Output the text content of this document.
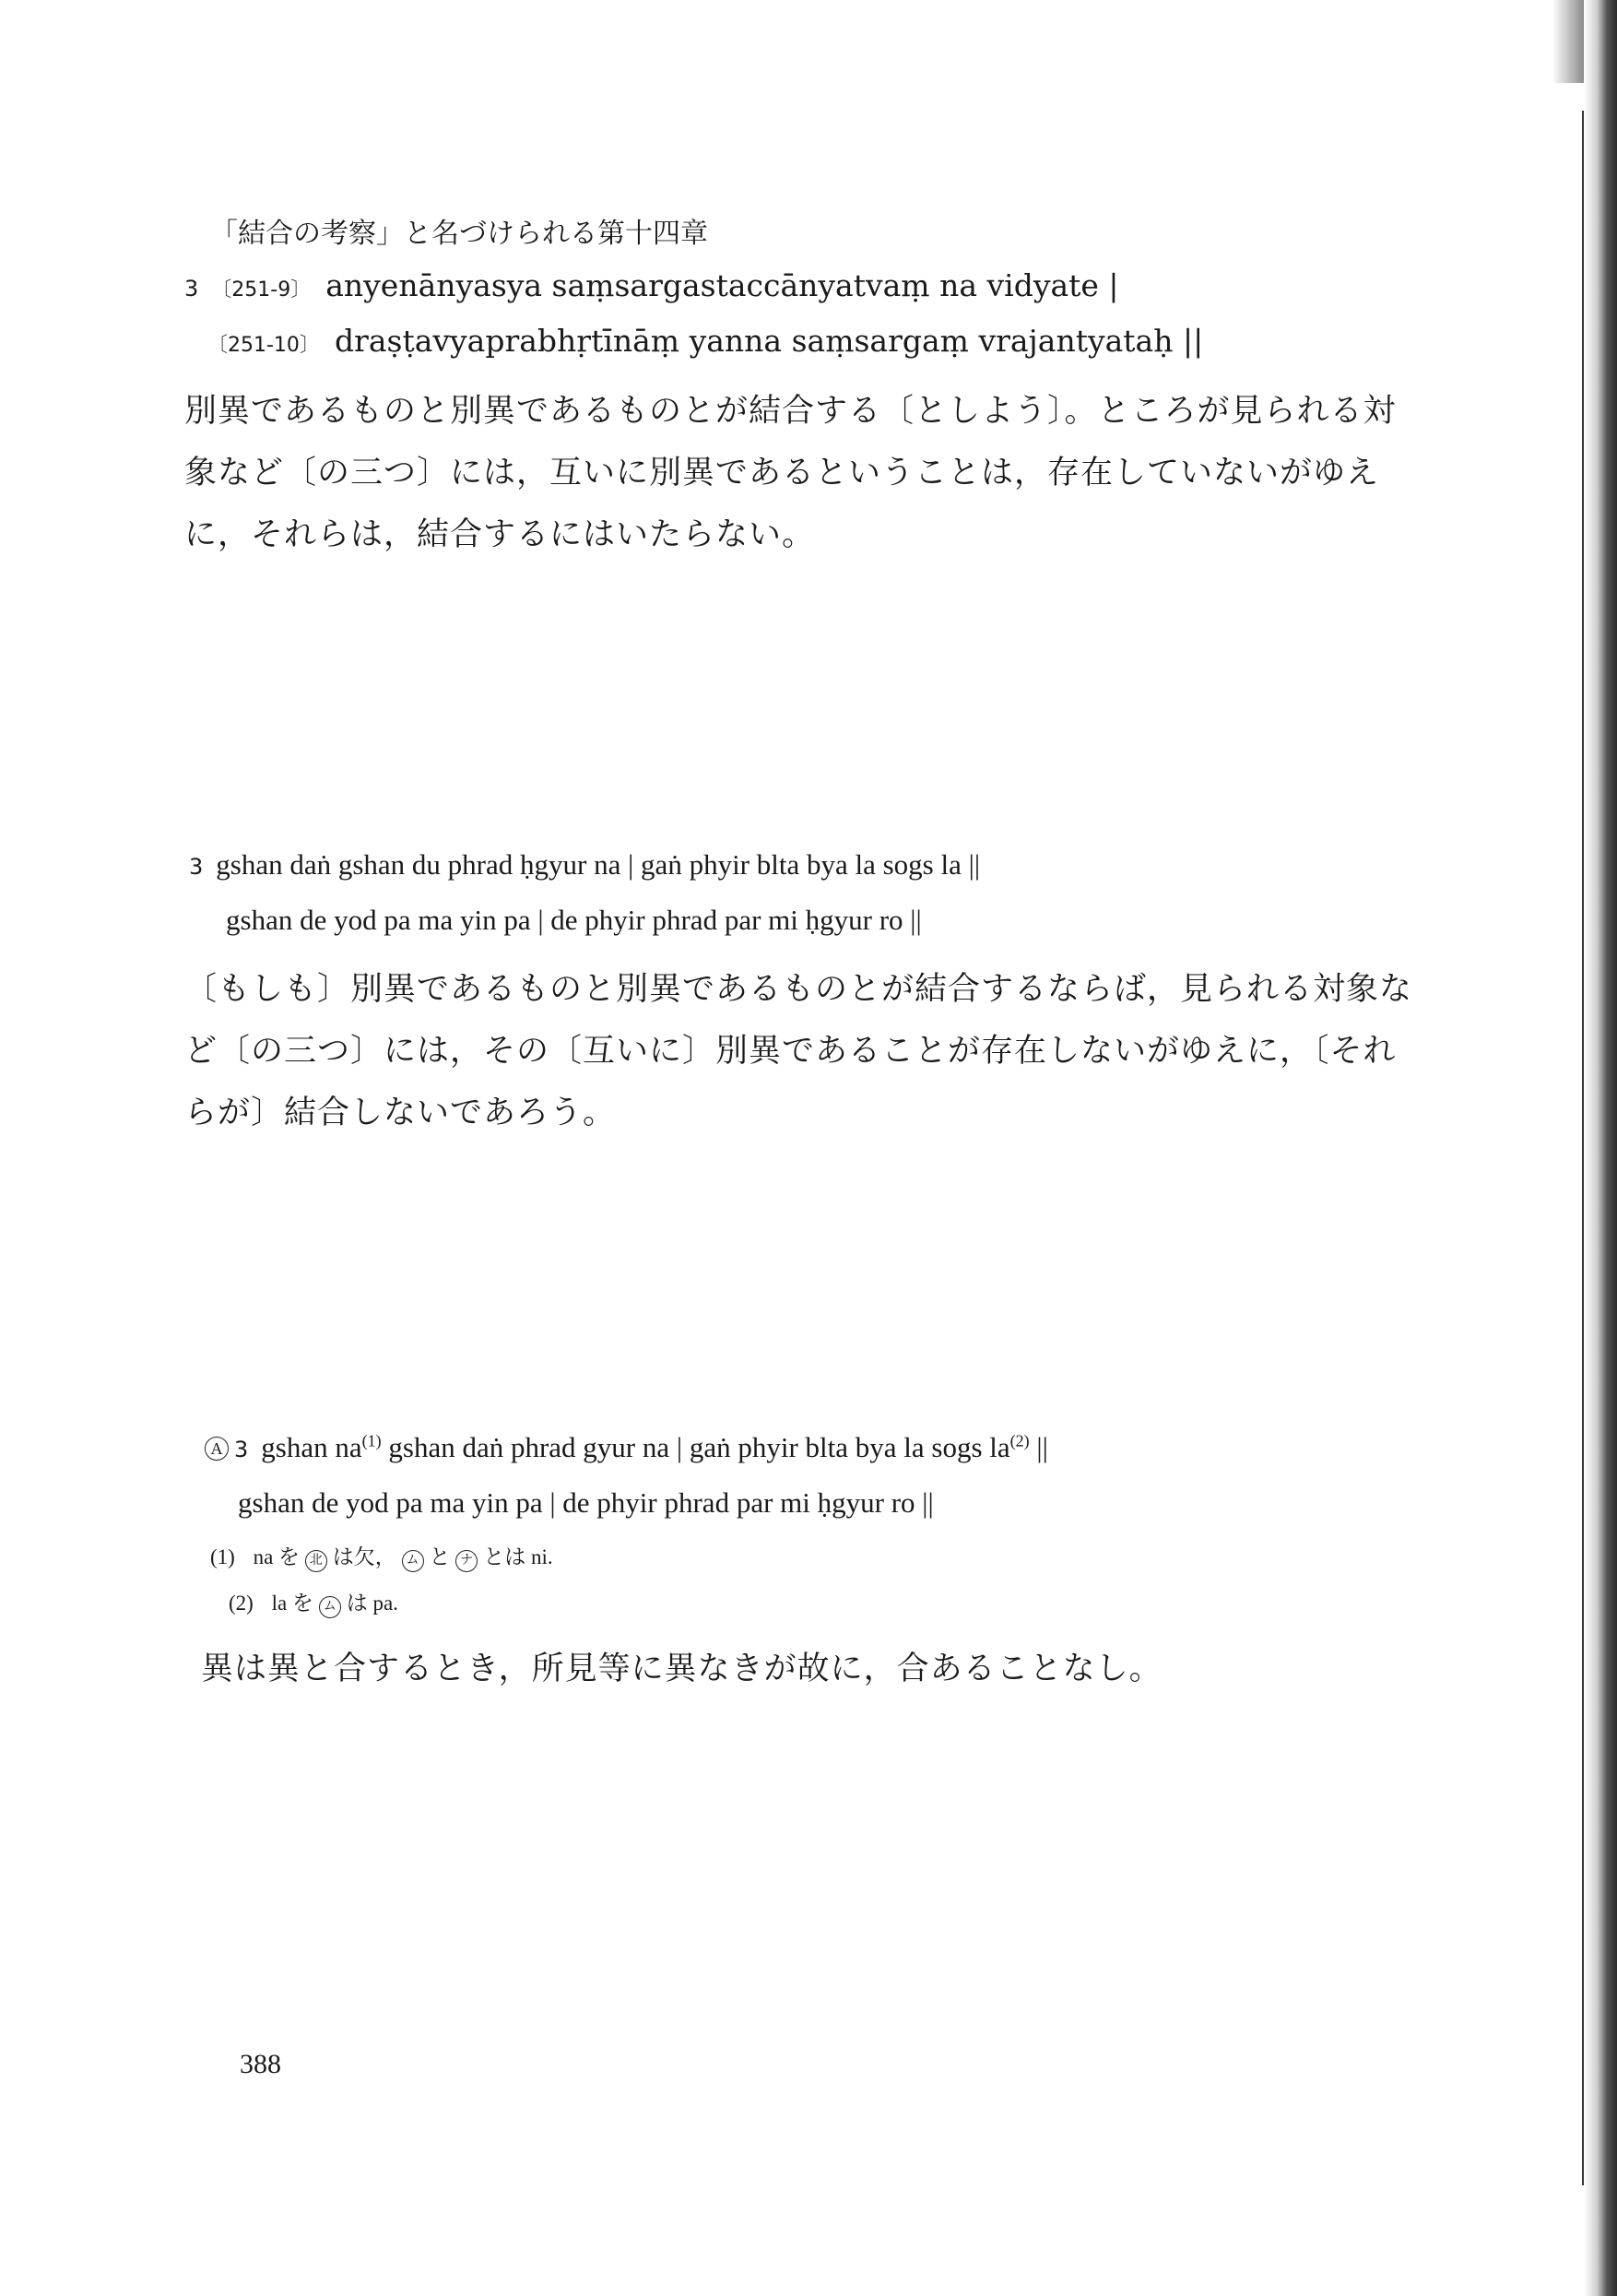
「結合の考察」と名づけられる第十四章
3 〔251-9〕 anyenānyasya saṃsargastaccānyatvaṃ na vidyate |
〔251-10〕 draṣṭavyaprabhṛtīnāṃ yanna saṃsargaṃ vrajantyataḥ ||
別異であるものと別異であるものとが結合する〔としよう〕。ところが見られる対
象など〔の三つ〕には，互いに別異であるということは，存在していないがゆえ
に，それらは，結合するにはいたらない。
3 gshan daṅ gshan du phrad ḥgyur na | gaṅ phyir blta bya la sogs la ||
gshan de yod pa ma yin pa | de phyir phrad par mi ḥgyur ro ||
〔もしも〕別異であるものと別異であるものとが結合するならば，見られる対象な
ど〔の三つ〕には，その〔互いに〕別異であることが存在しないがゆえに，〔それ
らが〕結合しないであろう。
A 3 gshan $na^{(1)}$ gshan daṅ phrad gyur na | gaṅ phyir blta bya la sogs $la^{(2)}$ ||
gshan de yod pa ma yin pa | de phyir phrad par mi ḥgyur ro ||
(1) na を 北 は欠， ム と ナ とは ni.
(2) la を ム は pa.
異は異と合するとき，所見等に異なきが故に，合あることなし。
388
